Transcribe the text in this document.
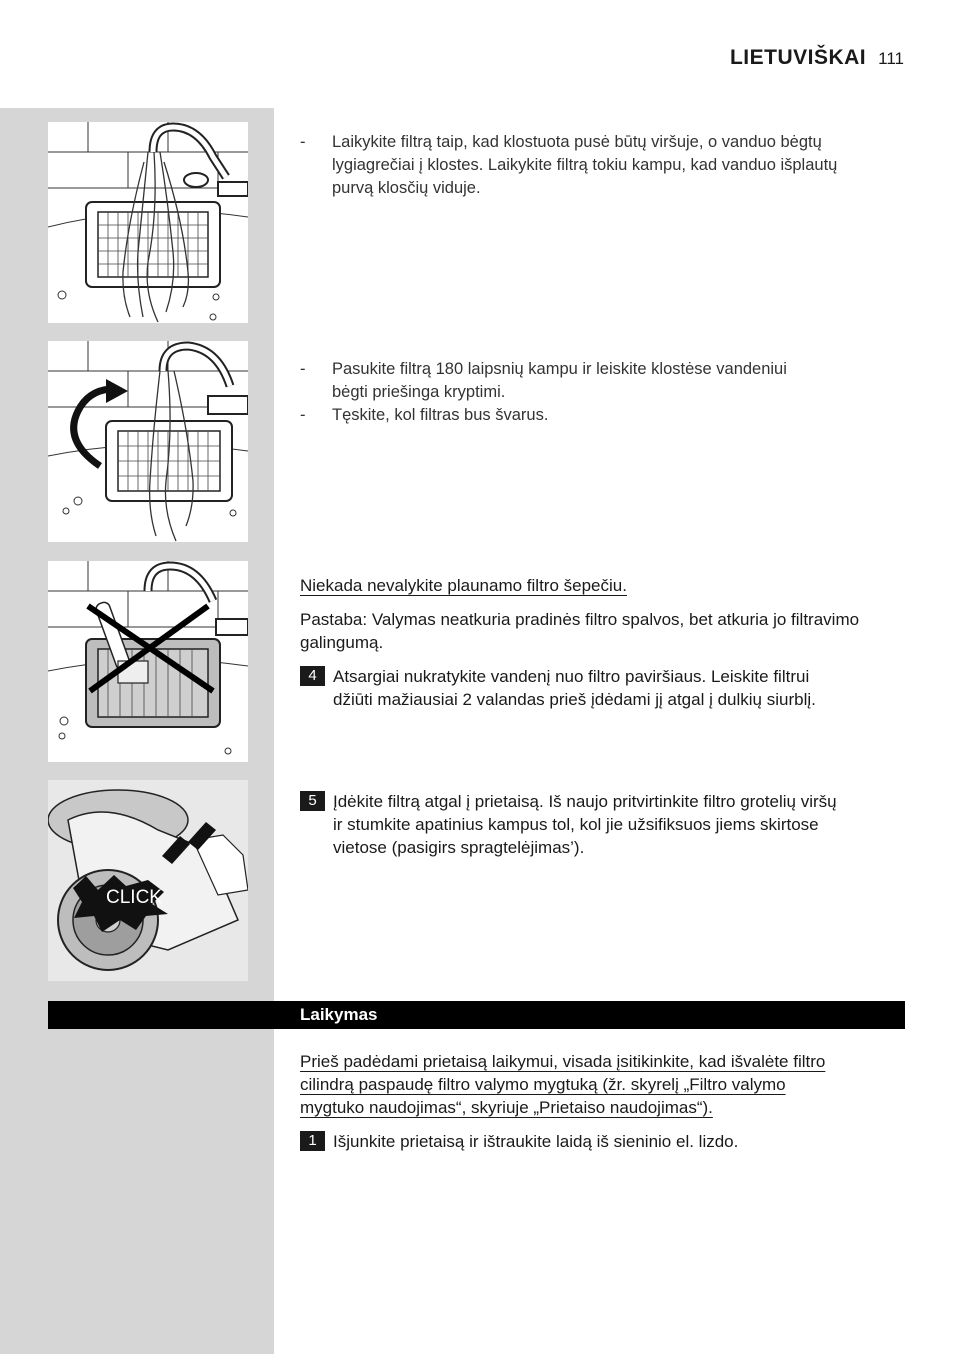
LIETUVIŠKAI 111
CLICK
-	Laikykite filtrą taip, kad klostuota pusė būtų viršuje, o vanduo bėgtų

lygiagrečiai į klostes. Laikykite filtrą tokiu kampu, kad vanduo išplautų

purvą klosčių viduje.

-	Pasukite filtrą 180 laipsnių kampu ir leiskite klostėse vandeniui

bėgti priešinga kryptimi.

-	Tęskite, kol filtras bus švarus.

Niekada nevalykite plaunamo filtro šepečiu.

Pastaba: Valymas neatkuria pradinės filtro spalvos, bet atkuria jo filtravimo

galingumą.

4 Atsargiai nukratykite vandenį nuo filtro paviršiaus. Leiskite filtrui

džiūti mažiausiai 2 valandas prieš įdėdami jį atgal į dulkių siurblį.

5 Įdėkite filtrą atgal į prietaisą. Iš naujo pritvirtinkite filtro grotelių viršų

ir stumkite apatinius kampus tol, kol jie užsifiksuos jiems skirtose

vietose (pasigirs spragtelėjimas’).

Laikymas

Prieš padėdami prietaisą laikymui, visada įsitikinkite, kad išvalėte filtro

cilindrą paspaudę filtro valymo mygtuką (žr. skyrelį „Filtro valymo

mygtuko naudojimas“, skyriuje „Prietaiso naudojimas“).

1 Išjunkite prietaisą ir ištraukite laidą iš sieninio el. lizdo.
